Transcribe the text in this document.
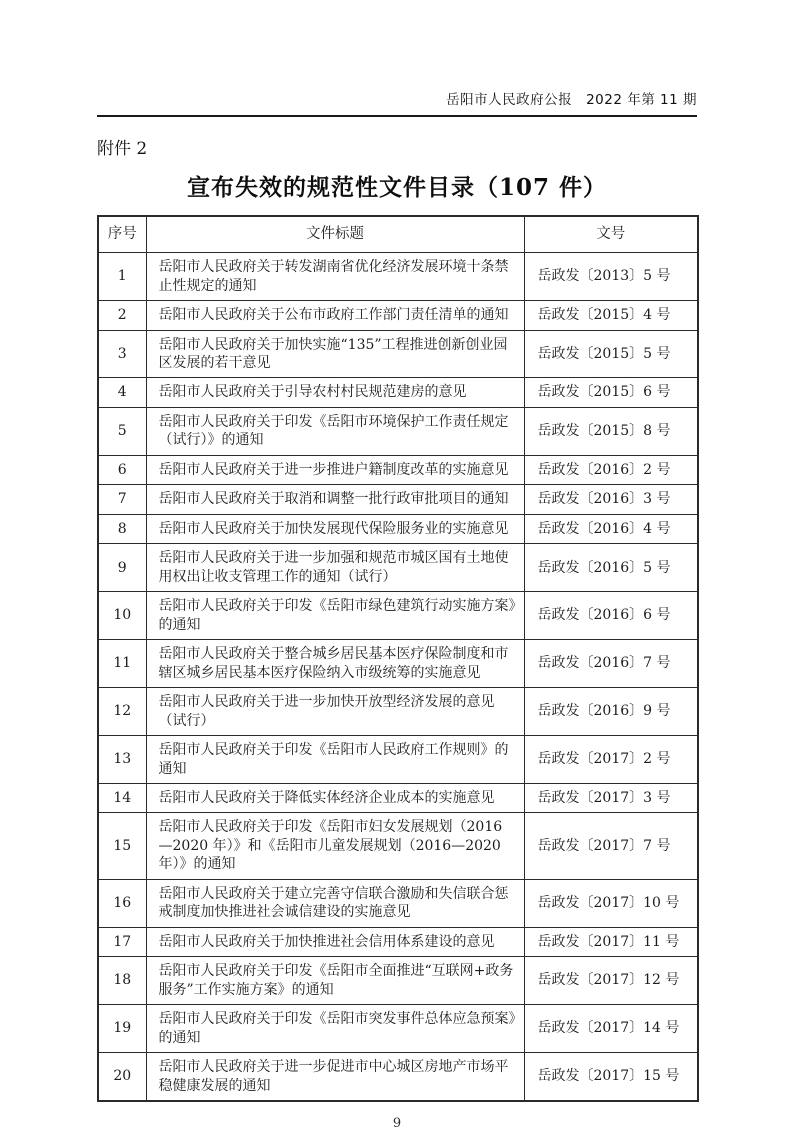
岳阳市人民政府公报　2022 年第 11 期
附件 2
宣布失效的规范性文件目录（107 件）
序号	文件标题	文号
1	岳阳市人民政府关于转发湖南省优化经济发展环境十条禁止性规定的通知	岳政发〔2013〕5 号
2	岳阳市人民政府关于公布市政府工作部门责任清单的通知	岳政发〔2015〕4 号
3	岳阳市人民政府关于加快实施“135”工程推进创新创业园区发展的若干意见	岳政发〔2015〕5 号
4	岳阳市人民政府关于引导农村村民规范建房的意见	岳政发〔2015〕6 号
5	岳阳市人民政府关于印发《岳阳市环境保护工作责任规定（试行）》的通知	岳政发〔2015〕8 号
6	岳阳市人民政府关于进一步推进户籍制度改革的实施意见	岳政发〔2016〕2 号
7	岳阳市人民政府关于取消和调整一批行政审批项目的通知	岳政发〔2016〕3 号
8	岳阳市人民政府关于加快发展现代保险服务业的实施意见	岳政发〔2016〕4 号
9	岳阳市人民政府关于进一步加强和规范市城区国有土地使用权出让收支管理工作的通知（试行）	岳政发〔2016〕5 号
10	岳阳市人民政府关于印发《岳阳市绿色建筑行动实施方案》的通知	岳政发〔2016〕6 号
11	岳阳市人民政府关于整合城乡居民基本医疗保险制度和市辖区城乡居民基本医疗保险纳入市级统筹的实施意见	岳政发〔2016〕7 号
12	岳阳市人民政府关于进一步加快开放型经济发展的意见（试行）	岳政发〔2016〕9 号
13	岳阳市人民政府关于印发《岳阳市人民政府工作规则》的通知	岳政发〔2017〕2 号
14	岳阳市人民政府关于降低实体经济企业成本的实施意见	岳政发〔2017〕3 号
15	岳阳市人民政府关于印发《岳阳市妇女发展规划（2016—2020 年）》和《岳阳市儿童发展规划（2016—2020 年）》的通知	岳政发〔2017〕7 号
16	岳阳市人民政府关于建立完善守信联合激励和失信联合惩戒制度加快推进社会诚信建设的实施意见	岳政发〔2017〕10 号
17	岳阳市人民政府关于加快推进社会信用体系建设的意见	岳政发〔2017〕11 号
18	岳阳市人民政府关于印发《岳阳市全面推进“互联网+政务服务”工作实施方案》的通知	岳政发〔2017〕12 号
19	岳阳市人民政府关于印发《岳阳市突发事件总体应急预案》的通知	岳政发〔2017〕14 号
20	岳阳市人民政府关于进一步促进市中心城区房地产市场平稳健康发展的通知	岳政发〔2017〕15 号
9
